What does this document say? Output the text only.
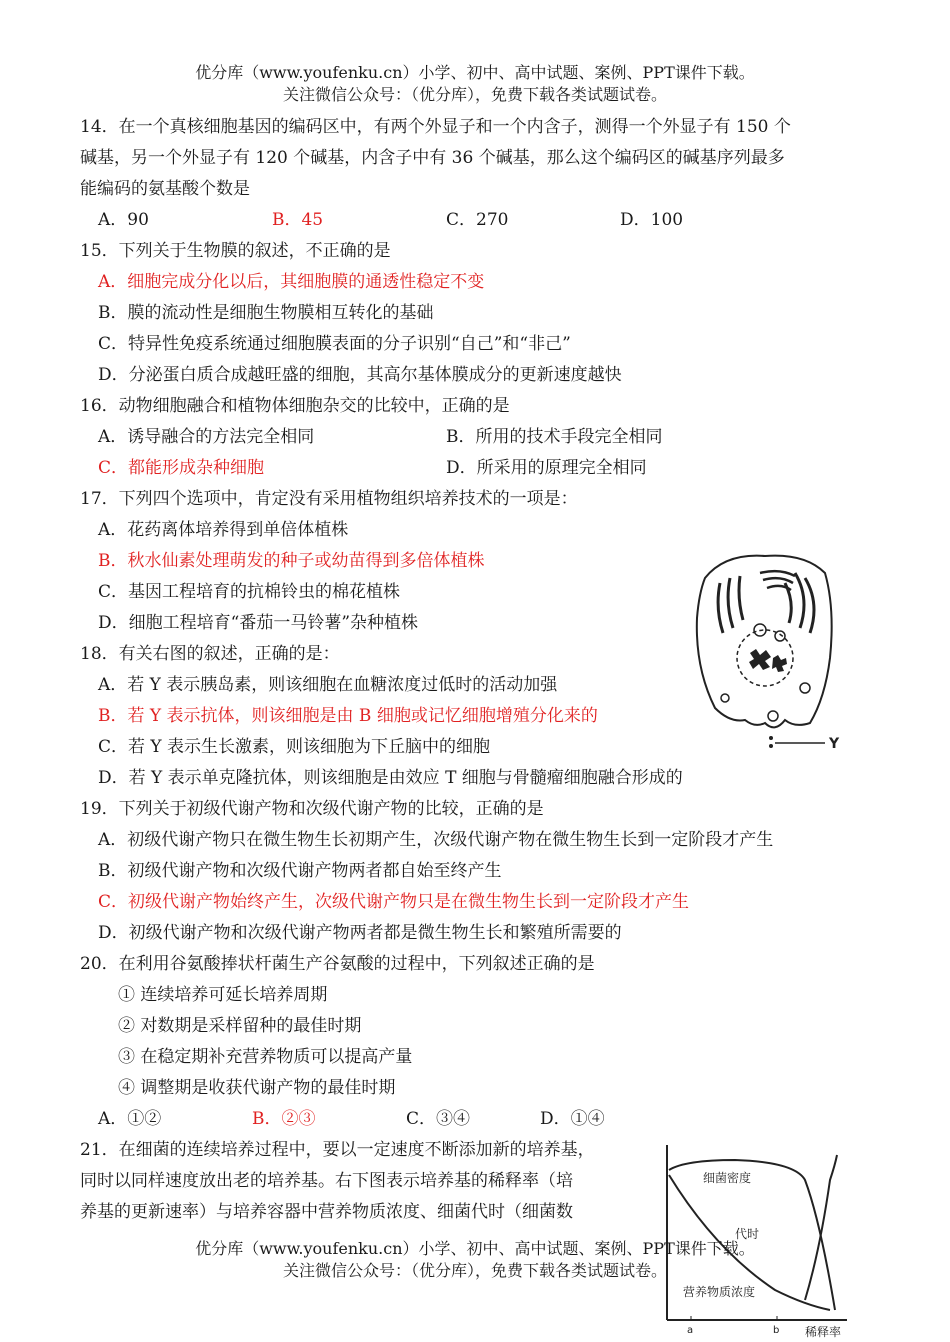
优分库（www.youfenku.cn）小学、初中、高中试题、案例、PPT课件下载。
关注微信公众号：（优分库），免费下载各类试题试卷。
14．在一个真核细胞基因的编码区中，有两个外显子和一个内含子，测得一个外显子有 150 个
碱基，另一个外显子有 120 个碱基，内含子中有 36 个碱基，那么这个编码区的碱基序列最多
能编码的氨基酸个数是
A．90	B．45	C．270	D．100
15．下列关于生物膜的叙述，不正确的是
A．细胞完成分化以后，其细胞膜的通透性稳定不变
B．膜的流动性是细胞生物膜相互转化的基础
C．特异性免疫系统通过细胞膜表面的分子识别“自己”和“非己”
D．分泌蛋白质合成越旺盛的细胞，其高尔基体膜成分的更新速度越快
16．动物细胞融合和植物体细胞杂交的比较中，正确的是
A．诱导融合的方法完全相同	B．所用的技术手段完全相同
C．都能形成杂种细胞	D．所采用的原理完全相同
17．下列四个选项中，肯定没有采用植物组织培养技术的一项是：
A．花药离体培养得到单倍体植株
B．秋水仙素处理萌发的种子或幼苗得到多倍体植株
C．基因工程培育的抗棉铃虫的棉花植株
D．细胞工程培育“番茄一马铃薯”杂种植株
18．有关右图的叙述，正确的是：
A．若 Y 表示胰岛素，则该细胞在血糖浓度过低时的活动加强
B．若 Y 表示抗体，则该细胞是由 B 细胞或记忆细胞增殖分化来的
C．若 Y 表示生长激素，则该细胞为下丘脑中的细胞
D．若 Y 表示单克隆抗体，则该细胞是由效应 T 细胞与骨髓瘤细胞融合形成的
Y
19．下列关于初级代谢产物和次级代谢产物的比较，正确的是
A．初级代谢产物只在微生物生长初期产生，次级代谢产物在微生物生长到一定阶段才产生
B．初级代谢产物和次级代谢产物两者都自始至终产生
C．初级代谢产物始终产生，次级代谢产物只是在微生物生长到一定阶段才产生
D．初级代谢产物和次级代谢产物两者都是微生物生长和繁殖所需要的
20．在利用谷氨酸捧状杆菌生产谷氨酸的过程中，下列叙述正确的是
① 连续培养可延长培养周期
② 对数期是采样留种的最佳时期
③ 在稳定期补充营养物质可以提高产量
④ 调整期是收获代谢产物的最佳时期
A．①②	B．②③	C．③④	D．①④
21．在细菌的连续培养过程中，要以一定速度不断添加新的培养基，
同时以同样速度放出老的培养基。右下图表示培养基的稀释率（培
养基的更新速率）与培养容器中营养物质浓度、细菌代时（细菌数
细菌密度
代时
营养物质浓度
a	b 稀释率
优分库（www.youfenku.cn）小学、初中、高中试题、案例、PPT课件下载。
关注微信公众号：（优分库），免费下载各类试题试卷。
